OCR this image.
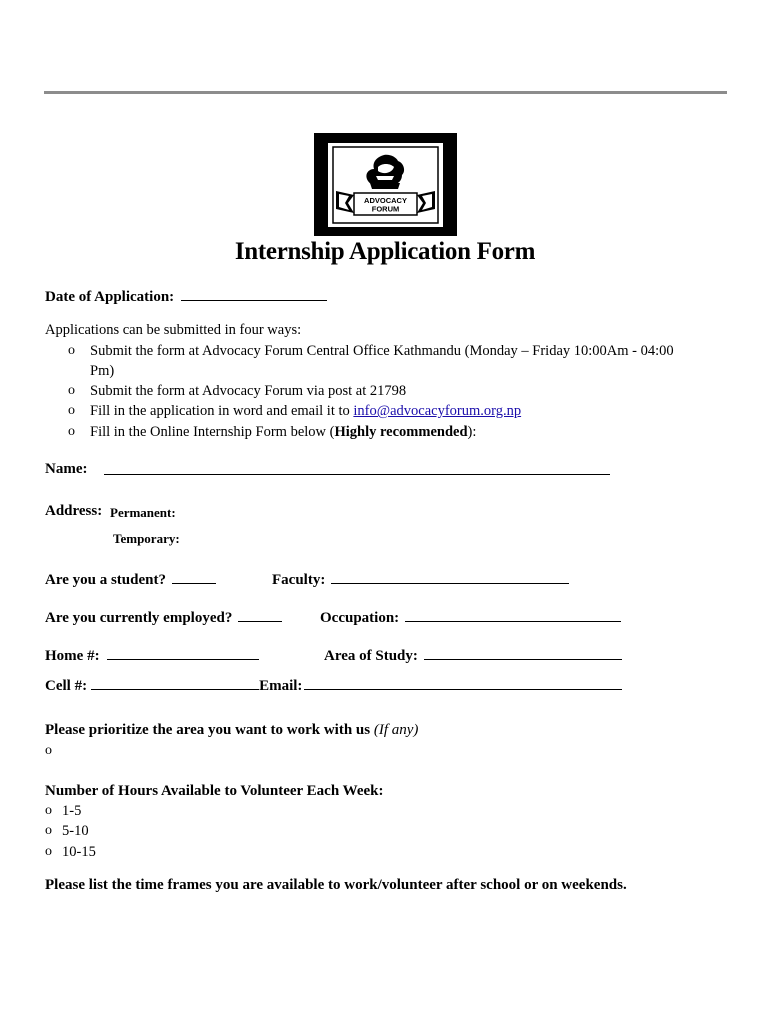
ADVOCACY
FORUM
Internship Application Form
Date of Application:
Applications can be submitted in four ways:
o Submit the form at Advocacy Forum Central Office Kathmandu (Monday – Friday 10:00Am - 04:00
Pm)
o Submit the form at Advocacy Forum via post at 21798
o Fill in the application in word and email it to info@advocacyforum.org.np
o Fill in the Online Internship Form below (Highly recommended):
Name:
Address: Permanent:
Temporary:
Are you a student?	Faculty:
Are you currently employed?	Occupation:
Home #:	Area of Study:
Cell #:	Email:
Please prioritize the area you want to work with us (If any)
o
Number of Hours Available to Volunteer Each Week:
o 1-5
o 5-10
o 10-15
Please list the time frames you are available to work/volunteer after school or on weekends.
